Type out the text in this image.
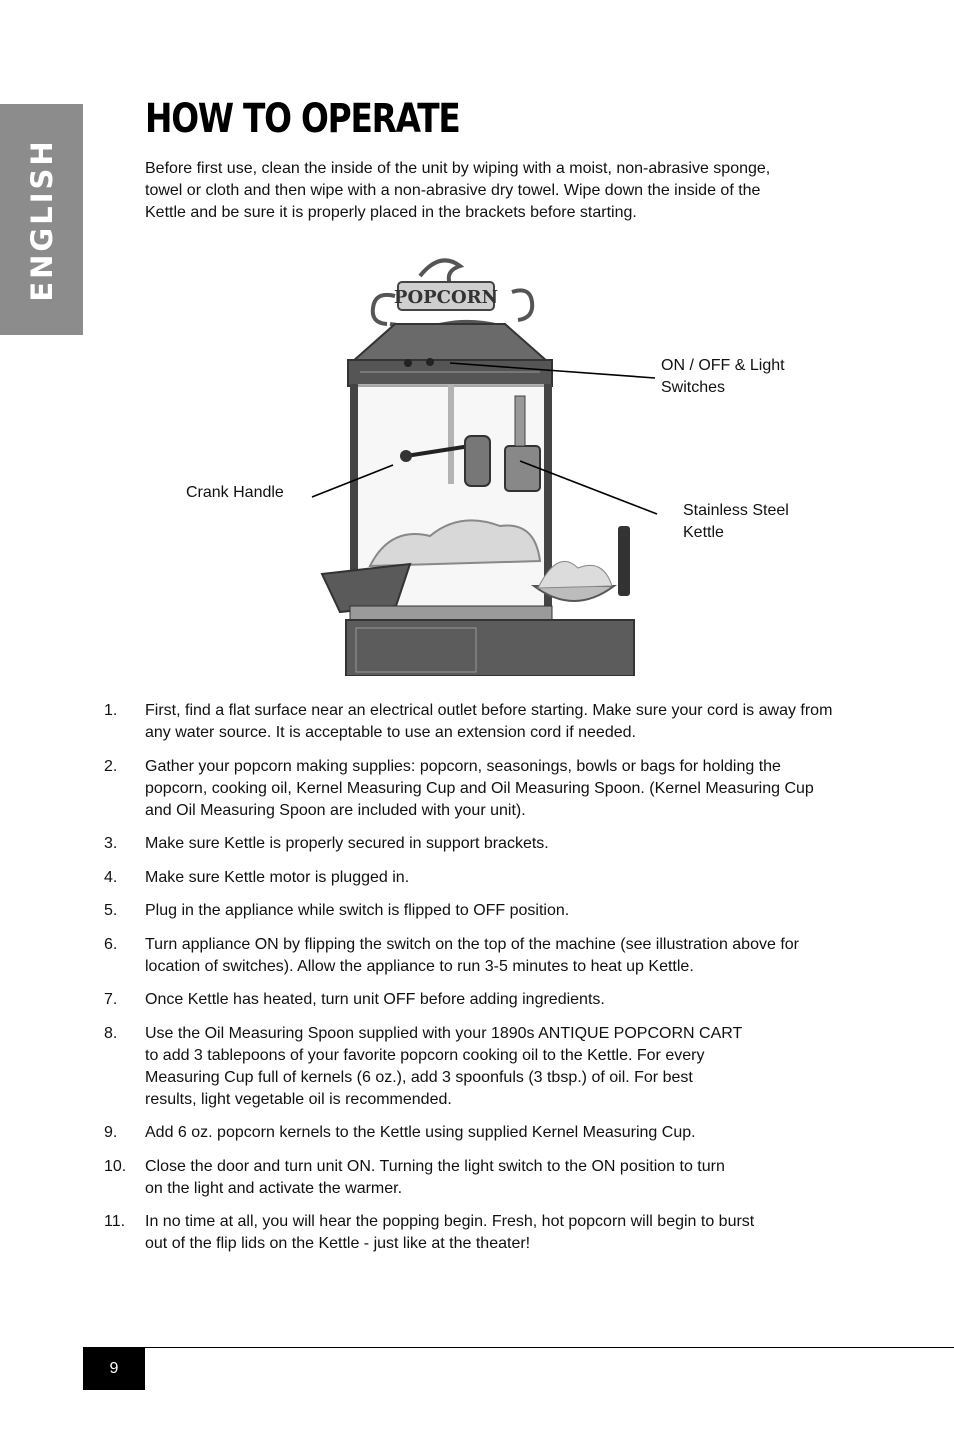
ENGLISH
HOW TO OPERATE

Before first use, clean the inside of the unit by wiping with a moist, non-abrasive sponge, towel or cloth and then wipe with a non-abrasive dry towel. Wipe down the inside of the Kettle and be sure it is properly placed in the brackets before starting.

POPCORN

ON / OFF & Light Switches

Crank Handle

Stainless Steel Kettle

1. First, find a flat surface near an electrical outlet before starting. Make sure your cord is away from any water source. It is acceptable to use an extension cord if needed.
2. Gather your popcorn making supplies: popcorn, seasonings, bowls or bags for holding the popcorn, cooking oil, Kernel Measuring Cup and Oil Measuring Spoon. (Kernel Measuring Cup and Oil Measuring Spoon are included with your unit).
3. Make sure Kettle is properly secured in support brackets.
4. Make sure Kettle motor is plugged in.
5. Plug in the appliance while switch is flipped to OFF position.
6. Turn appliance ON by flipping the switch on the top of the machine (see illustration above for location of switches). Allow the appliance to run 3-5 minutes to heat up Kettle.
7. Once Kettle has heated, turn unit OFF before adding ingredients.
8. Use the Oil Measuring Spoon supplied with your 1890s ANTIQUE POPCORN CART to add 3 tablepoons of your favorite popcorn cooking oil to the Kettle. For every Measuring Cup full of kernels (6 oz.), add 3 spoonfuls (3 tbsp.) of oil. For best results, light vegetable oil is recommended.
9. Add 6 oz. popcorn kernels to the Kettle using supplied Kernel Measuring Cup.
10. Close the door and turn unit ON. Turning the light switch to the ON position to turn on the light and activate the warmer.
11. In no time at all, you will hear the popping begin. Fresh, hot popcorn will begin to burst out of the flip lids on the Kettle - just like at the theater!
9
